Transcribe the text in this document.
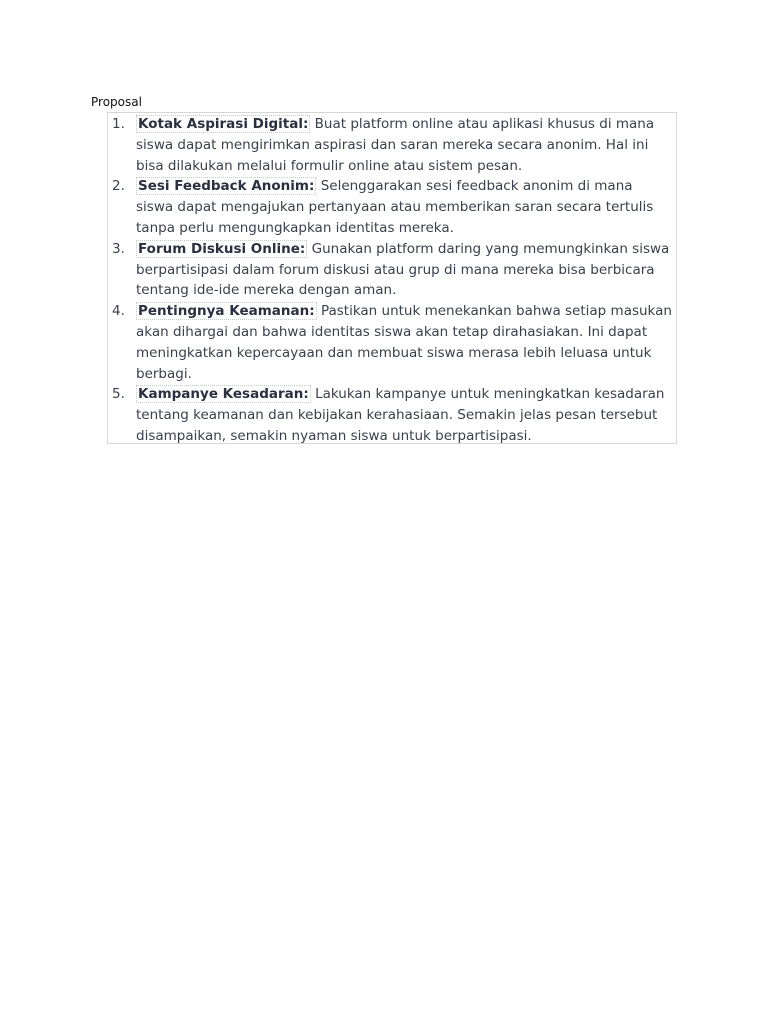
Proposal
1. Kotak Aspirasi Digital: Buat platform online atau aplikasi khusus di mana siswa dapat mengirimkan aspirasi dan saran mereka secara anonim. Hal ini bisa dilakukan melalui formulir online atau sistem pesan.
2. Sesi Feedback Anonim: Selenggarakan sesi feedback anonim di mana siswa dapat mengajukan pertanyaan atau memberikan saran secara tertulis tanpa perlu mengungkapkan identitas mereka.
3. Forum Diskusi Online: Gunakan platform daring yang memungkinkan siswa berpartisipasi dalam forum diskusi atau grup di mana mereka bisa berbicara tentang ide-ide mereka dengan aman.
4. Pentingnya Keamanan: Pastikan untuk menekankan bahwa setiap masukan akan dihargai dan bahwa identitas siswa akan tetap dirahasiakan. Ini dapat meningkatkan kepercayaan dan membuat siswa merasa lebih leluasa untuk berbagi.
5. Kampanye Kesadaran: Lakukan kampanye untuk meningkatkan kesadaran tentang keamanan dan kebijakan kerahasiaan. Semakin jelas pesan tersebut disampaikan, semakin nyaman siswa untuk berpartisipasi.
